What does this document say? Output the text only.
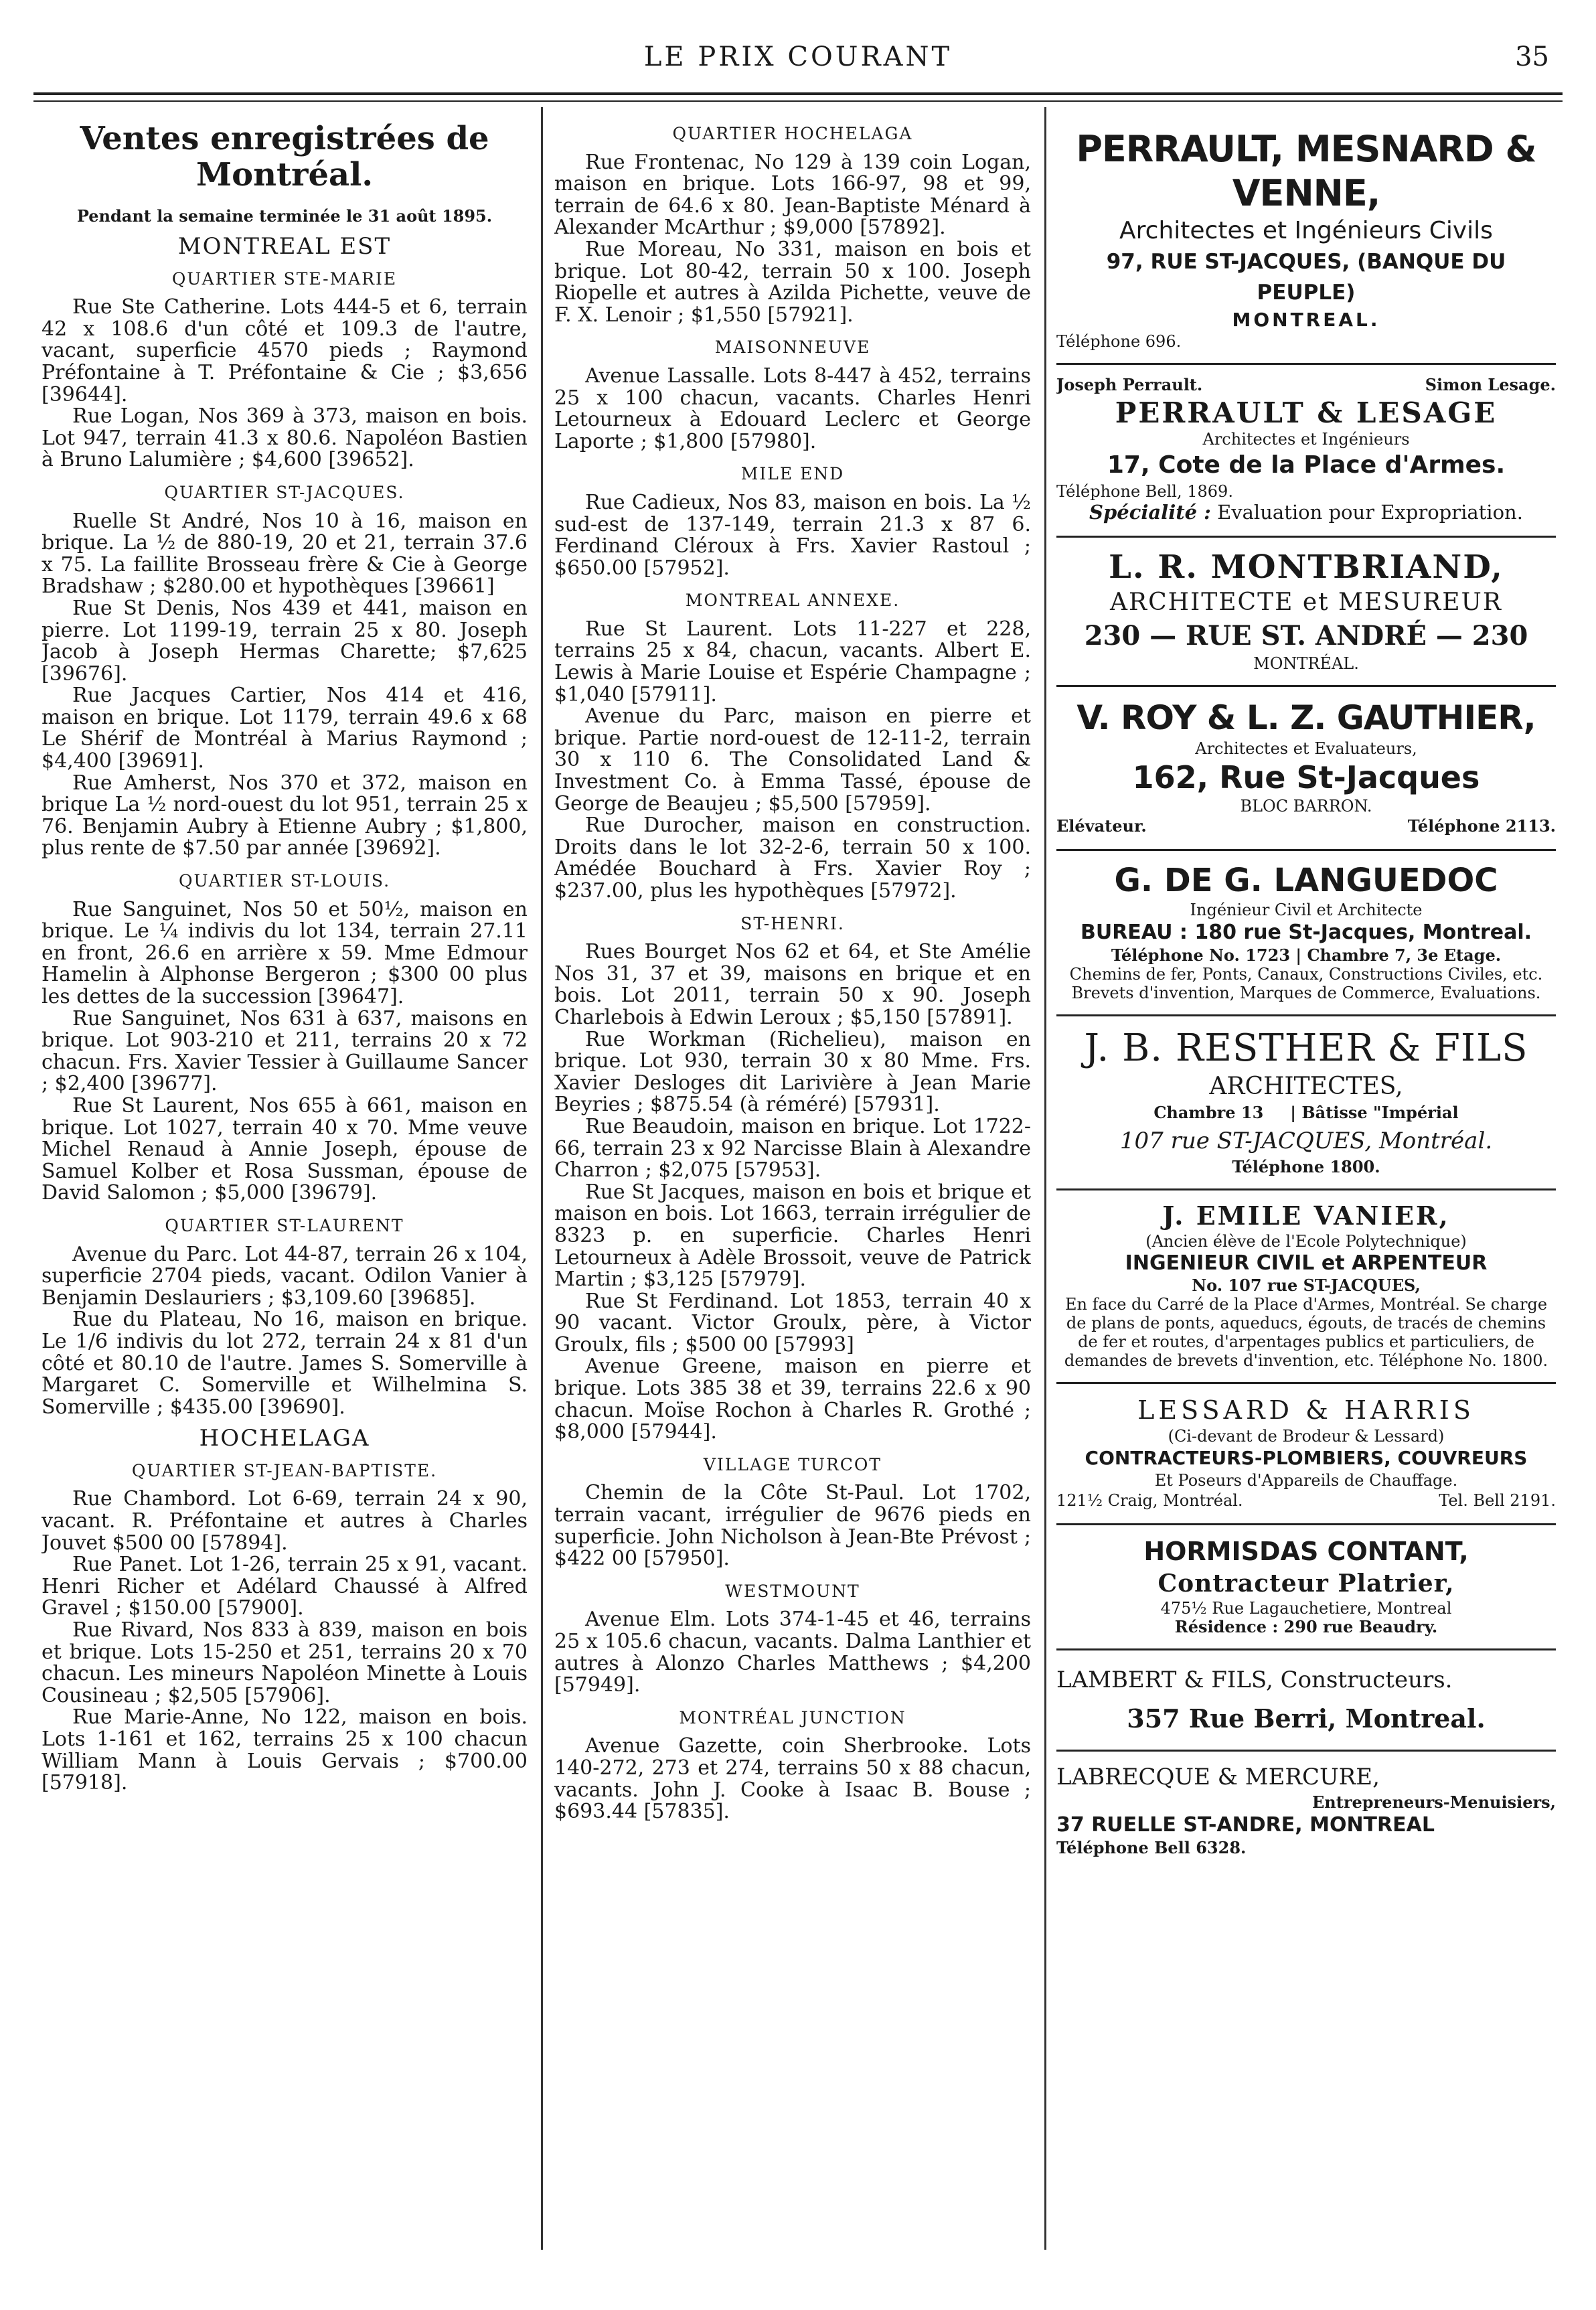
LE PRIX COURANT	35
Ventes enregistrées de Montréal.
Pendant la semaine terminée le 31 août 1895.
MONTREAL EST
QUARTIER STE-MARIE

Rue Ste Catherine. Lots 444-5 et 6, terrain 42 x 108.6 d'un côté et 109.3 de l'autre, vacant, superficie 4570 pieds ; Raymond Préfontaine à T. Préfontaine & Cie ; $3,656 [39644].

Rue Logan, Nos 369 à 373, maison en bois. Lot 947, terrain 41.3 x 80.6. Napoléon Bastien à Bruno Lalumière ; $4,600 [39652].

QUARTIER ST-JACQUES.

Ruelle St André, Nos 10 à 16, maison en brique. La ½ de 880-19, 20 et 21, terrain 37.6 x 75. La faillite Brosseau frère & Cie à George Bradshaw ; $280.00 et hypothèques [39661]

Rue St Denis, Nos 439 et 441, maison en pierre. Lot 1199-19, terrain 25 x 80. Joseph Jacob à Joseph Hermas Charette; $7,625 [39676].

Rue Jacques Cartier, Nos 414 et 416, maison en brique. Lot 1179, terrain 49.6 x 68 Le Shérif de Montréal à Marius Raymond ; $4,400 [39691].

Rue Amherst, Nos 370 et 372, maison en brique La ½ nord-ouest du lot 951, terrain 25 x 76. Benjamin Aubry à Etienne Aubry ; $1,800, plus rente de $7.50 par année [39692].

QUARTIER ST-LOUIS.

Rue Sanguinet, Nos 50 et 50½, maison en brique. Le ¼ indivis du lot 134, terrain 27.11 en front, 26.6 en arrière x 59. Mme Edmour Hamelin à Alphonse Bergeron ; $300 00 plus les dettes de la succession [39647].

Rue Sanguinet, Nos 631 à 637, maisons en brique. Lot 903-210 et 211, terrains 20 x 72 chacun. Frs. Xavier Tessier à Guillaume Sancer ; $2,400 [39677].

Rue St Laurent, Nos 655 à 661, maison en brique. Lot 1027, terrain 40 x 70. Mme veuve Michel Renaud à Annie Joseph, épouse de Samuel Kolber et Rosa Sussman, épouse de David Salomon ; $5,000 [39679].

QUARTIER ST-LAURENT

Avenue du Parc. Lot 44-87, terrain 26 x 104, superficie 2704 pieds, vacant. Odilon Vanier à Benjamin Deslauriers ; $3,109.60 [39685].

Rue du Plateau, No 16, maison en brique. Le 1/6 indivis du lot 272, terrain 24 x 81 d'un côté et 80.10 de l'autre. James S. Somerville à Margaret C. Somerville et Wilhelmina S. Somerville ; $435.00 [39690].

HOCHELAGA
QUARTIER ST-JEAN-BAPTISTE.

Rue Chambord. Lot 6-69, terrain 24 x 90, vacant. R. Préfontaine et autres à Charles Jouvet $500 00 [57894].

Rue Panet. Lot 1-26, terrain 25 x 91, vacant. Henri Richer et Adélard Chaussé à Alfred Gravel ; $150.00 [57900].

Rue Rivard, Nos 833 à 839, maison en bois et brique. Lots 15-250 et 251, terrains 20 x 70 chacun. Les mineurs Napoléon Minette à Louis Cousineau ; $2,505 [57906].

Rue Marie-Anne, No 122, maison en bois. Lots 1-161 et 162, terrains 25 x 100 chacun William Mann à Louis Gervais ; $700.00 [57918].

QUARTIER HOCHELAGA

Rue Frontenac, No 129 à 139 coin Logan, maison en brique. Lots 166-97, 98 et 99, terrain de 64.6 x 80. Jean-Baptiste Ménard à Alexander McArthur ; $9,000 [57892].

Rue Moreau, No 331, maison en bois et brique. Lot 80-42, terrain 50 x 100. Joseph Riopelle et autres à Azilda Pichette, veuve de F. X. Lenoir ; $1,550 [57921].

MAISONNEUVE

Avenue Lassalle. Lots 8-447 à 452, terrains 25 x 100 chacun, vacants. Charles Henri Letourneux à Edouard Leclerc et George Laporte ; $1,800 [57980].

MILE END

Rue Cadieux, Nos 83, maison en bois. La ½ sud-est de 137-149, terrain 21.3 x 87 6. Ferdinand Cléroux à Frs. Xavier Rastoul ; $650.00 [57952].

MONTREAL ANNEXE.

Rue St Laurent. Lots 11-227 et 228, terrains 25 x 84, chacun, vacants. Albert E. Lewis à Marie Louise et Espérie Champagne ; $1,040 [57911].

Avenue du Parc, maison en pierre et brique. Partie nord-ouest de 12-11-2, terrain 30 x 110 6. The Consolidated Land & Investment Co. à Emma Tassé, épouse de George de Beaujeu ; $5,500 [57959].

Rue Durocher, maison en construction. Droits dans le lot 32-2-6, terrain 50 x 100. Amédée Bouchard à Frs. Xavier Roy ; $237.00, plus les hypothèques [57972].

ST-HENRI.

Rues Bourget Nos 62 et 64, et Ste Amélie Nos 31, 37 et 39, maisons en brique et en bois. Lot 2011, terrain 50 x 90. Joseph Charlebois à Edwin Leroux ; $5,150 [57891].

Rue Workman (Richelieu), maison en brique. Lot 930, terrain 30 x 80 Mme. Frs. Xavier Desloges dit Larivière à Jean Marie Beyries ; $875.54 (à réméré) [57931].

Rue Beaudoin, maison en brique. Lot 1722-66, terrain 23 x 92 Narcisse Blain à Alexandre Charron ; $2,075 [57953].

Rue St Jacques, maison en bois et brique et maison en bois. Lot 1663, terrain irrégulier de 8323 p. en superficie. Charles Henri Letourneux à Adèle Brossoit, veuve de Patrick Martin ; $3,125 [57979].

Rue St Ferdinand. Lot 1853, terrain 40 x 90 vacant. Victor Groulx, père, à Victor Groulx, fils ; $500 00 [57993]

Avenue Greene, maison en pierre et brique. Lots 385 38 et 39, terrains 22.6 x 90 chacun. Moïse Rochon à Charles R. Grothé ; $8,000 [57944].

VILLAGE TURCOT

Chemin de la Côte St-Paul. Lot 1702, terrain vacant, irrégulier de 9676 pieds en superficie. John Nicholson à Jean-Bte Prévost ; $422 00 [57950].

WESTMOUNT

Avenue Elm. Lots 374-1-45 et 46, terrains 25 x 105.6 chacun, vacants. Dalma Lanthier et autres à Alonzo Charles Matthews ; $4,200 [57949].

MONTRÉAL JUNCTION

Avenue Gazette, coin Sherbrooke. Lots 140-272, 273 et 274, terrains 50 x 88 chacun, vacants. John J. Cooke à Isaac B. Bouse ; $693.44 [57835].

PERRAULT, MESNARD & VENNE,
Architectes et Ingénieurs Civils
97, RUE ST-JACQUES, (BANQUE DU PEUPLE)
MONTREAL.
Téléphone 696.
Joseph Perrault.	Simon Lesage.
PERRAULT & LESAGE
Architectes et Ingénieurs
17, Cote de la Place d'Armes.
Téléphone Bell, 1869.
Spécialité : Evaluation pour Expropriation.
L. R. MONTBRIAND,
ARCHITECTE et MESUREUR
230 — RUE ST. ANDRÉ — 230
MONTRÉAL.
V. ROY & L. Z. GAUTHIER,
Architectes et Evaluateurs,
162, Rue St-Jacques
BLOC BARRON.
Elévateur.	Téléphone 2113.
G. DE G. LANGUEDOC
Ingénieur Civil et Architecte
BUREAU : 180 rue St-Jacques, Montreal.
Téléphone No. 1723 | Chambre 7, 3e Etage.
Chemins de fer, Ponts, Canaux, Constructions Civiles, etc. Brevets d'invention, Marques de Commerce, Evaluations.
J. B. RESTHER & FILS
ARCHITECTES,
Chambre 13 | Bâtisse "Impérial
107 rue ST-JACQUES, Montréal.
Téléphone 1800.
J. EMILE VANIER,
(Ancien élève de l'Ecole Polytechnique)
INGENIEUR CIVIL et ARPENTEUR
No. 107 rue ST-JACQUES,
En face du Carré de la Place d'Armes, Montréal. Se charge de plans de ponts, aqueducs, égouts, de tracés de chemins de fer et routes, d'arpentages publics et particuliers, de demandes de brevets d'invention, etc. Téléphone No. 1800.
LESSARD & HARRIS
(Ci-devant de Brodeur & Lessard)
CONTRACTEURS-PLOMBIERS, COUVREURS
Et Poseurs d'Appareils de Chauffage.
121½ Craig, Montréal.	Tel. Bell 2191.
HORMISDAS CONTANT,
Contracteur Platrier,
475½ Rue Lagauchetiere, Montreal
Résidence : 290 rue Beaudry.
LAMBERT & FILS, Constructeurs.
357 Rue Berri, Montreal.
LABRECQUE & MERCURE,
Entrepreneurs-Menuisiers,
37 RUELLE ST-ANDRE, MONTREAL
Téléphone Bell 6328.
